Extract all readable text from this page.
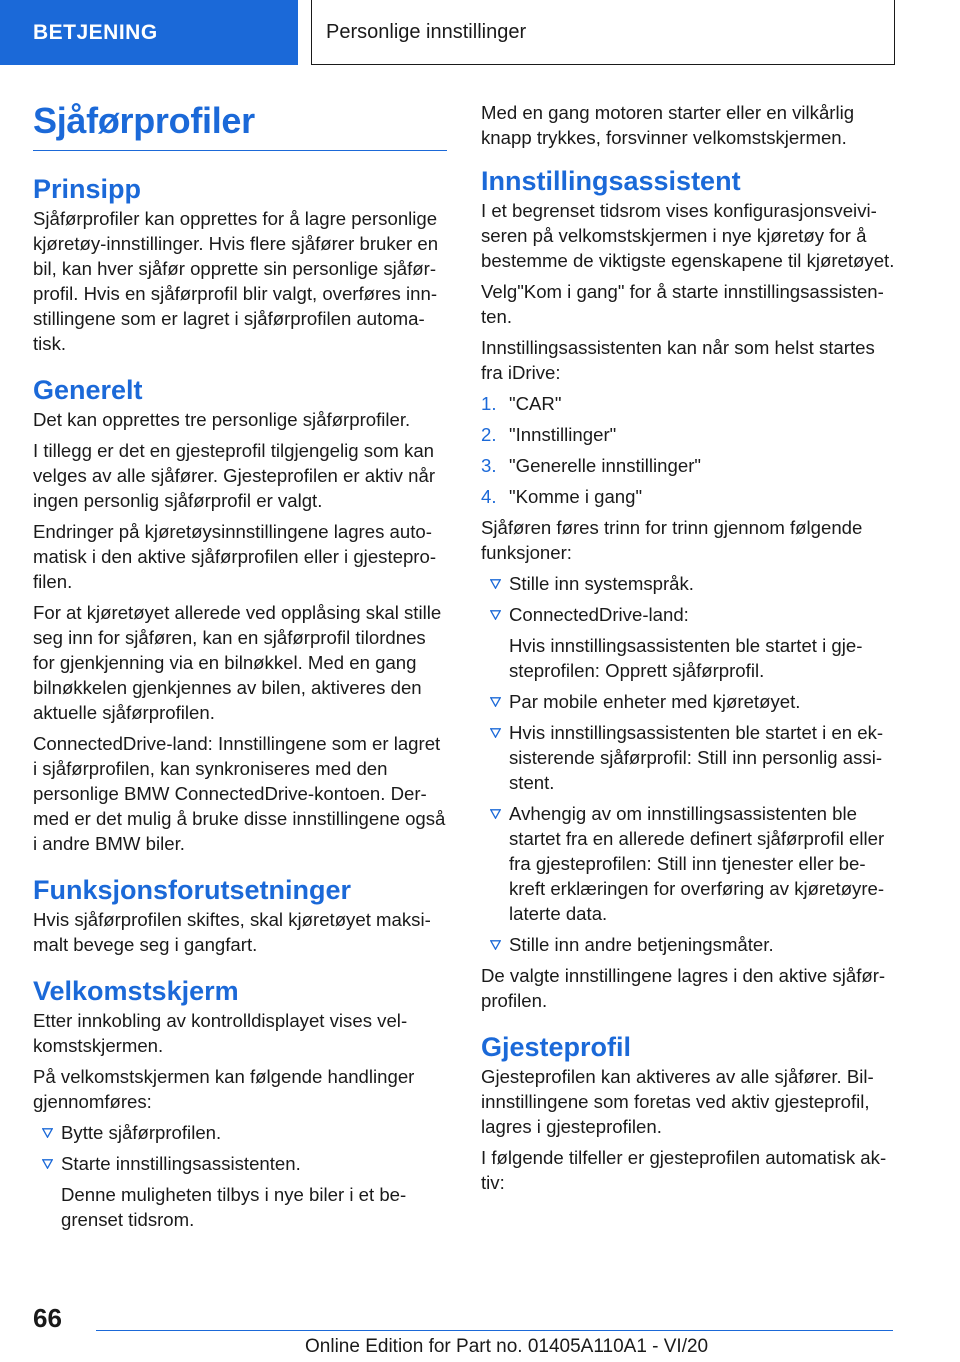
BETJENING	Personlige innstillinger
Sjåførprofiler
Prinsipp

Sjåførprofiler kan opprettes for å lagre personlige kjøretøy-innstillinger. Hvis flere sjåfører bruker en bil, kan hver sjåfør opprette sin personlige sjåførprofil. Hvis en sjåførprofil blir valgt, overføres innstillingene som er lagret i sjåførprofilen automatisk.

Generelt

Det kan opprettes tre personlige sjåførprofiler.

I tillegg er det en gjesteprofil tilgjengelig som kan velges av alle sjåfører. Gjesteprofilen er aktiv når ingen personlig sjåførprofil er valgt.

Endringer på kjøretøysinnstillingene lagres automatisk i den aktive sjåførprofilen eller i gjesteprofilen.

For at kjøretøyet allerede ved opplåsing skal stille seg inn for sjåføren, kan en sjåførprofil tilordnes for gjenkjenning via en bilnøkkel. Med en gang bilnøkkelen gjenkjennes av bilen, aktiveres den aktuelle sjåførprofilen.

ConnectedDrive-land: Innstillingene som er lagret i sjåførprofilen, kan synkroniseres med den personlige BMW ConnectedDrive-kontoen. Dermed er det mulig å bruke disse innstillingene også i andre BMW biler.

Funksjonsforutsetninger

Hvis sjåførprofilen skiftes, skal kjøretøyet maksimalt bevege seg i gangfart.

Velkomstskjerm

Etter innkobling av kontrolldisplayet vises velkomstskjermen.

På velkomstskjermen kan følgende handlinger gjennomføres:

Bytte sjåførprofilen.
Starte innstillingsassistenten.
Denne muligheten tilbys i nye biler i et begrenset tidsrom.

Med en gang motoren starter eller en vilkårlig knapp trykkes, forsvinner velkomstskjermen.

Innstillingsassistent

I et begrenset tidsrom vises konfigurasjonsveiviseren på velkomstskjermen i nye kjøretøy for å bestemme de viktigste egenskapene til kjøretøyet.

Velg"Kom i gang" for å starte innstillingsassistenten.

Innstillingsassistenten kan når som helst startes fra iDrive:

1. "CAR"
2. "Innstillinger"
3. "Generelle innstillinger"
4. "Komme i gang"

Sjåføren føres trinn for trinn gjennom følgende funksjoner:

Stille inn systemspråk.
ConnectedDrive-land:
Hvis innstillingsassistenten ble startet i gjesteprofilen: Opprett sjåførprofil.
Par mobile enheter med kjøretøyet.
Hvis innstillingsassistenten ble startet i en eksisterende sjåførprofil: Still inn personlig assistent.
Avhengig av om innstillingsassistenten ble startet fra en allerede definert sjåførprofil eller fra gjesteprofilen: Still inn tjenester eller bekreft erklæringen for overføring av kjøretøyrelaterte data.
Stille inn andre betjeningsmåter.

De valgte innstillingene lagres i den aktive sjåførprofilen.

Gjesteprofil

Gjesteprofilen kan aktiveres av alle sjåfører. Bilinnstillingene som foretas ved aktiv gjesteprofil, lagres i gjesteprofilen.

I følgende tilfeller er gjesteprofilen automatisk aktiv:

66
Online Edition for Part no. 01405A110A1 - VI/20
